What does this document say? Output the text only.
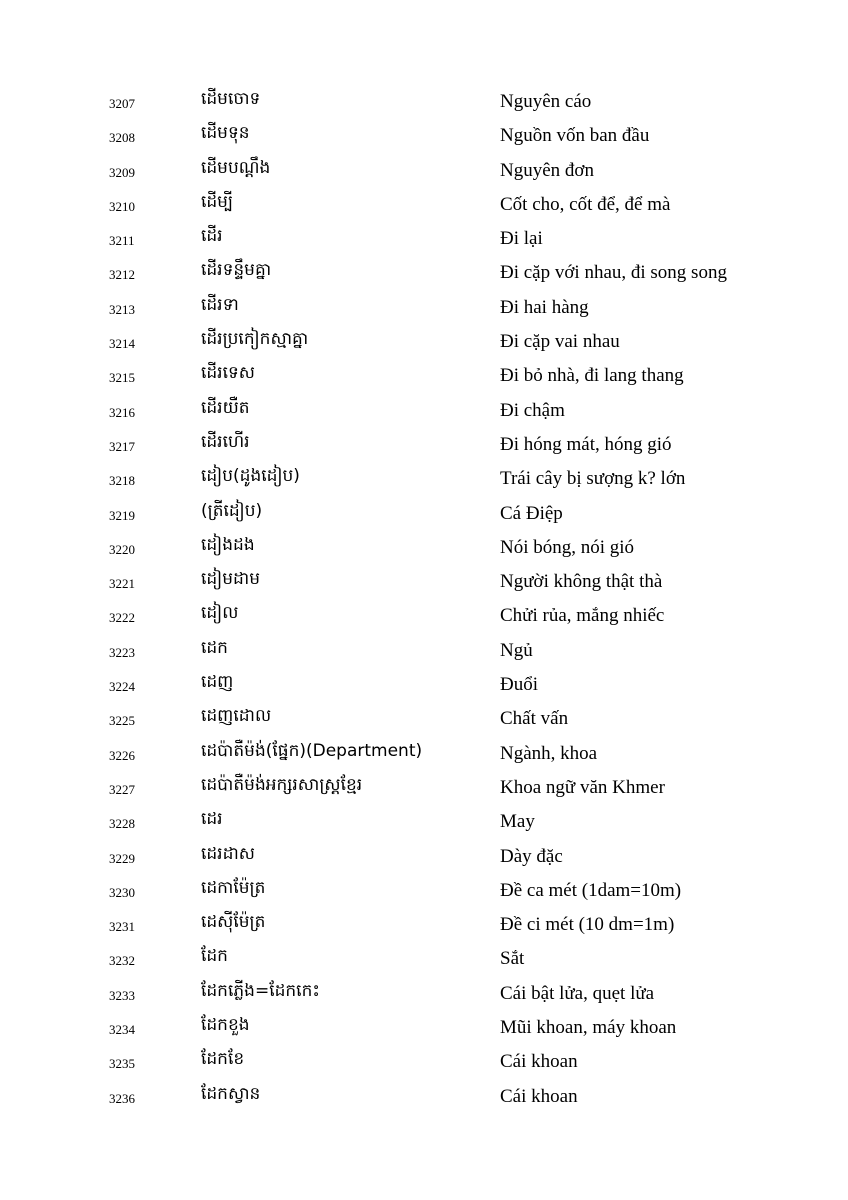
3207	ដើមចោទ	Nguyên cáo
3208	ដើមទុន	Nguồn vốn ban đầu
3209	ដើមបណ្ដឹង	Nguyên đơn
3210	ដើម្បី	Cốt cho, cốt để, để mà
3211	ដើរ	Đi lại
3212	ដើរទន្ទឹមគ្នា	Đi cặp với nhau, đi song song
3213	ដើរទា	Đi hai hàng
3214	ដើរប្រកៀកស្មាគ្នា	Đi cặp vai nhau
3215	ដើរទេស	Đi bỏ nhà, đi lang thang
3216	ដើរយឺត	Đi chậm
3217	ដើរហើរ	Đi hóng mát, hóng gió
3218	ដៀប(ដូងដៀប)	Trái cây bị sượng k? lớn
3219	(ត្រីដៀប)	Cá Điệp
3220	ដៀងដង	Nói bóng, nói gió
3221	ដៀមដាម	Người không thật thà
3222	ដៀល	Chửi rủa, mắng nhiếc
3223	ដេក	Ngủ
3224	ដេញ	Đuổi
3225	ដេញដោល	Chất vấn
3226	ដេប៉ាតឺម៉ង់(ផ្នែក)(Department)	Ngành, khoa
3227	ដេប៉ាតឺម៉ង់អក្សរសាស្ត្រខ្មែរ	Khoa ngữ văn Khmer
3228	ដេរ	May
3229	ដេរដាស	Dày đặc
3230	ដេកាម៉ែត្រ	Đề ca mét (1dam=10m)
3231	ដេស៊ីម៉ែត្រ	Đề ci mét (10 dm=1m)
3232	ដែក	Sắt
3233	ដែកភ្លើង=ដែកកេះ	Cái bật lửa, quẹt lửa
3234	ដែកខួង	Mũi khoan, máy khoan
3235	ដែកខែ	Cái khoan
3236	ដែកស្វាន	Cái khoan
